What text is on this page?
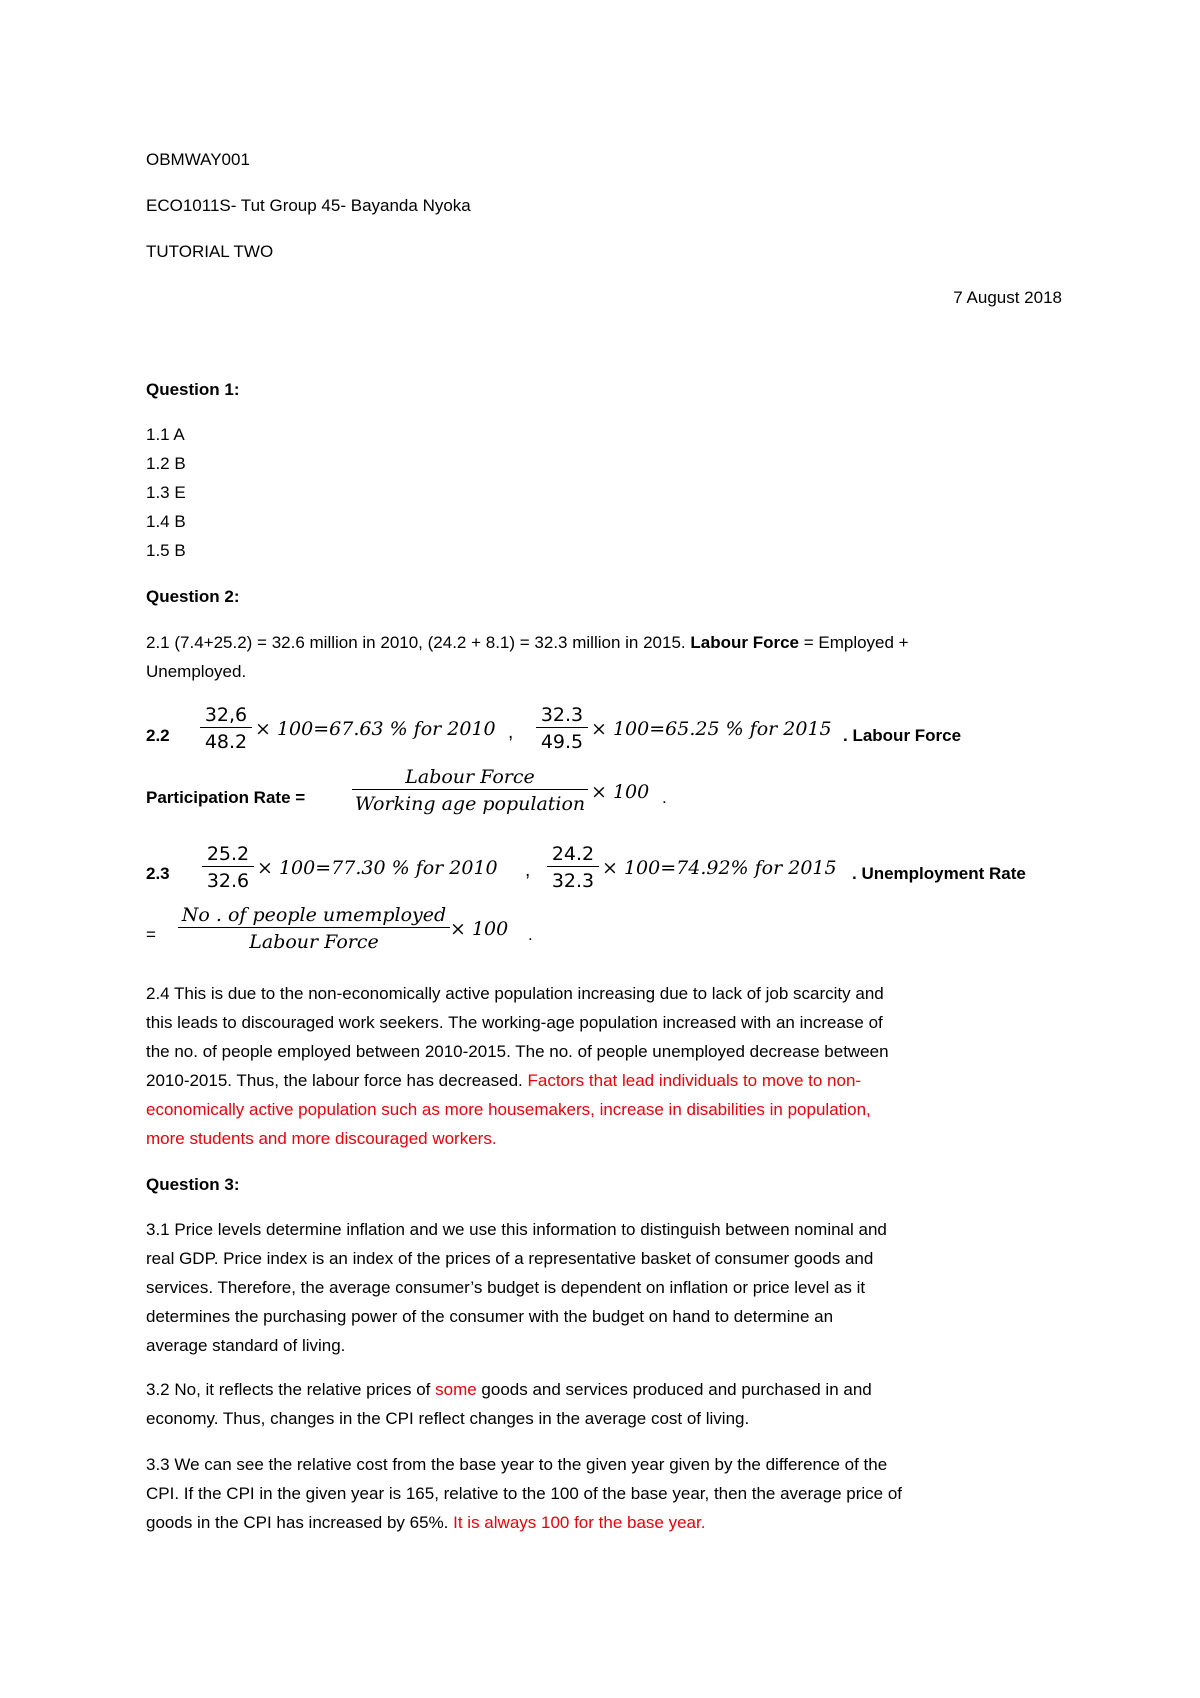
OBMWAY001
ECO1011S- Tut Group 45- Bayanda Nyoka
TUTORIAL TWO
7 August 2018
Question 1:
1.1 A
1.2 B
1.3 E
1.4 B
1.5 B
Question 2:
2.1 (7.4+25.2) = 32.6 million in 2010, (24.2 + 8.1) = 32.3 million in 2015. Labour Force = Employed +
Unemployed.
2.2
32,6
48.2
× 100=67.63 % for 2010 ,
32.3
49.5
× 100=65.25 % for 2015 . Labour Force
Participation Rate =
Labour Force
Working age population
× 100 .
2.3
25.2
32.6
× 100=77.30 % for 2010 ,
24.2
32.3
× 100=74.92% for 2015 . Unemployment Rate
=
No . of people umemployed
Labour Force
× 100 .
2.4 This is due to the non-economically active population increasing due to lack of job scarcity and
this leads to discouraged work seekers. The working-age population increased with an increase of
the no. of people employed between 2010-2015. The no. of people unemployed decrease between
2010-2015. Thus, the labour force has decreased. Factors that lead individuals to move to non-
economically active population such as more housemakers, increase in disabilities in population,
more students and more discouraged workers.
Question 3:
3.1 Price levels determine inflation and we use this information to distinguish between nominal and
real GDP. Price index is an index of the prices of a representative basket of consumer goods and
services. Therefore, the average consumer’s budget is dependent on inflation or price level as it
determines the purchasing power of the consumer with the budget on hand to determine an
average standard of living.
3.2 No, it reflects the relative prices of some goods and services produced and purchased in and
economy. Thus, changes in the CPI reflect changes in the average cost of living.
3.3 We can see the relative cost from the base year to the given year given by the difference of the
CPI. If the CPI in the given year is 165, relative to the 100 of the base year, then the average price of
goods in the CPI has increased by 65%. It is always 100 for the base year.
